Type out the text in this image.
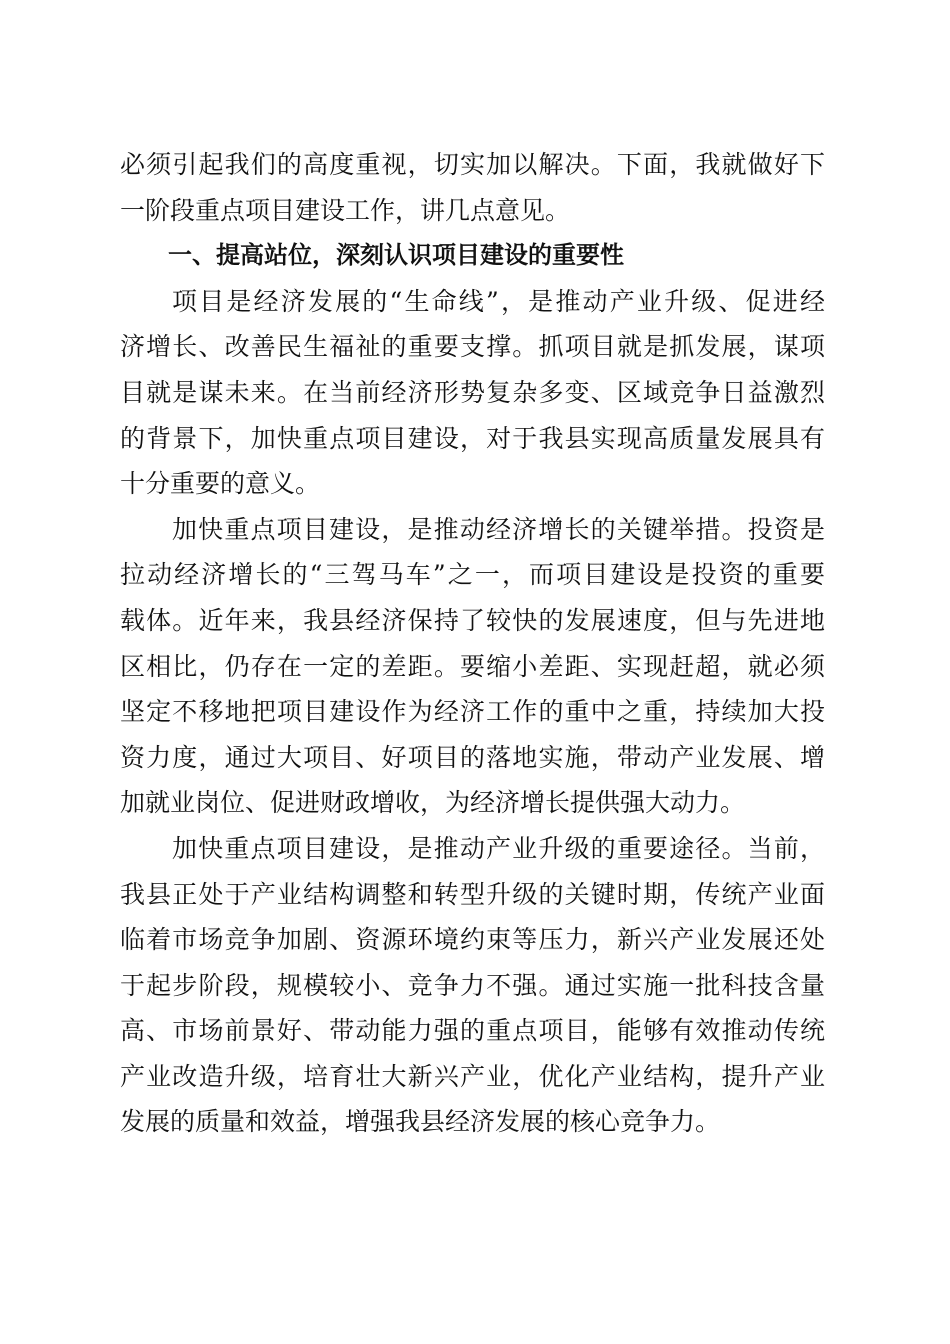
必须引起我们的高度重视，切实加以解决。下面，我就做好下
一阶段重点项目建设工作，讲几点意见。
一、提高站位，深刻认识项目建设的重要性
项目是经济发展的“生命线”，是推动产业升级、促进经
济增长、改善民生福祉的重要支撑。抓项目就是抓发展，谋项
目就是谋未来。在当前经济形势复杂多变、区域竞争日益激烈
的背景下，加快重点项目建设，对于我县实现高质量发展具有
十分重要的意义。
加快重点项目建设，是推动经济增长的关键举措。投资是
拉动经济增长的“三驾马车”之一，而项目建设是投资的重要
载体。近年来，我县经济保持了较快的发展速度，但与先进地
区相比，仍存在一定的差距。要缩小差距、实现赶超，就必须
坚定不移地把项目建设作为经济工作的重中之重，持续加大投
资力度，通过大项目、好项目的落地实施，带动产业发展、增
加就业岗位、促进财政增收，为经济增长提供强大动力。
加快重点项目建设，是推动产业升级的重要途径。当前，
我县正处于产业结构调整和转型升级的关键时期，传统产业面
临着市场竞争加剧、资源环境约束等压力，新兴产业发展还处
于起步阶段，规模较小、竞争力不强。通过实施一批科技含量
高、市场前景好、带动能力强的重点项目，能够有效推动传统
产业改造升级，培育壮大新兴产业，优化产业结构，提升产业
发展的质量和效益，增强我县经济发展的核心竞争力。
